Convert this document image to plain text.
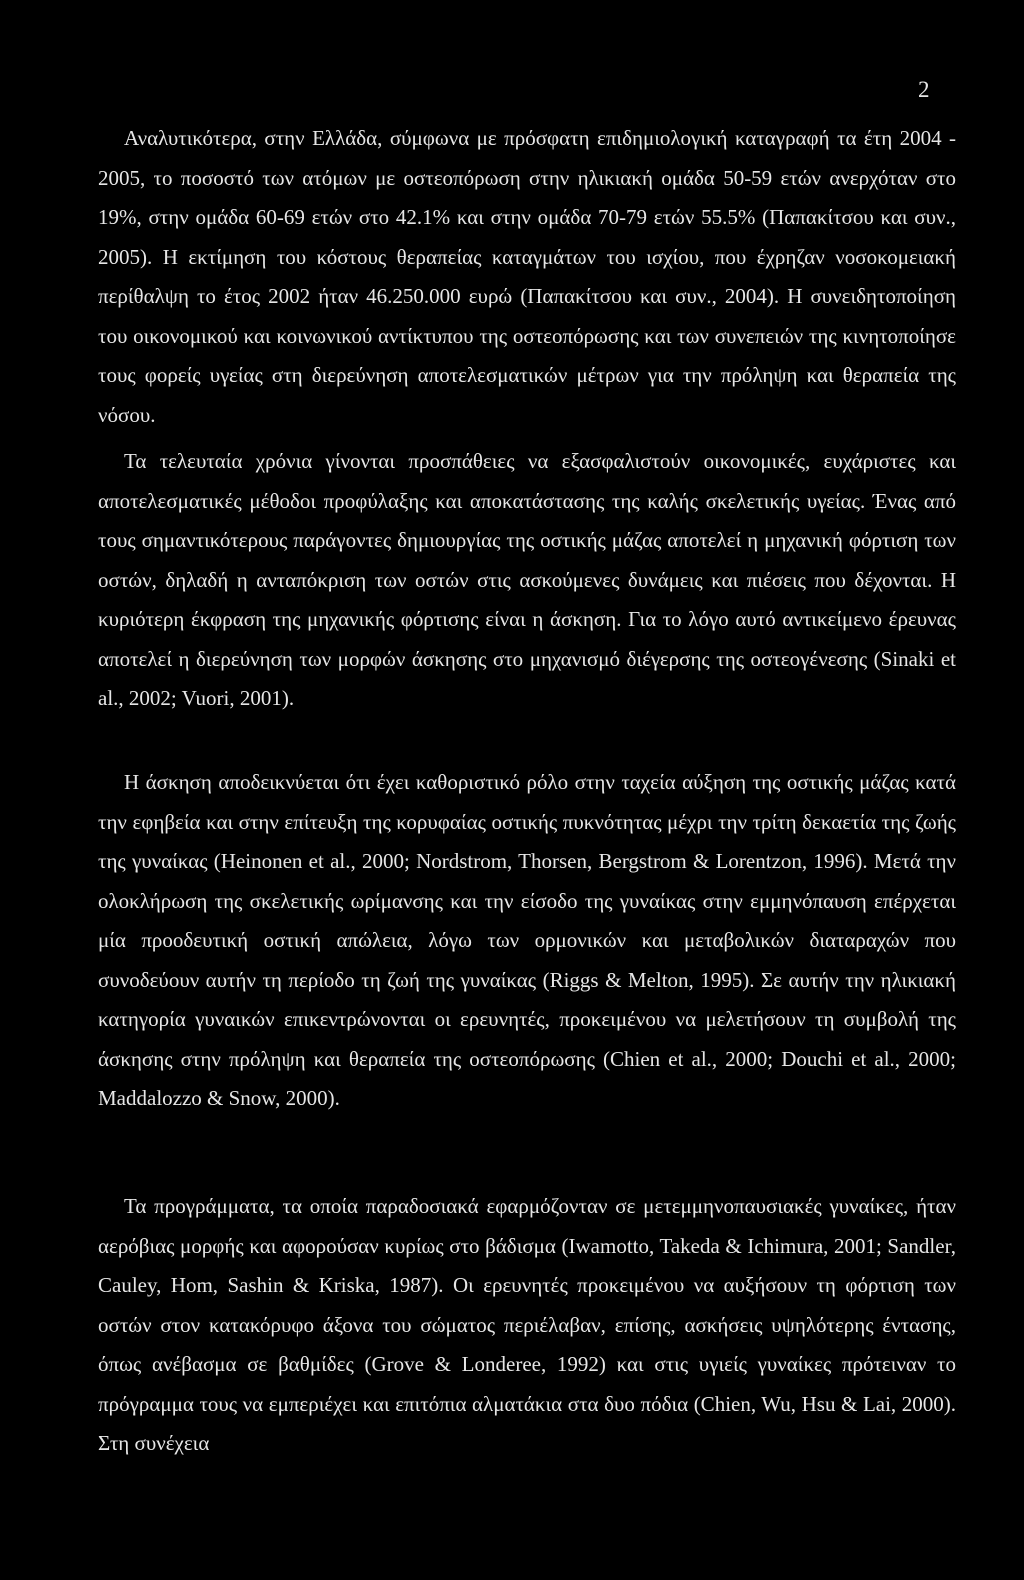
2
Αναλυτικότερα, στην Ελλάδα, σύμφωνα με πρόσφατη επιδημιολογική καταγραφή τα έτη 2004 - 2005, το ποσοστό των ατόμων με οστεοπόρωση στην ηλικιακή ομάδα 50-59 ετών ανερχόταν στο 19%, στην ομάδα 60-69 ετών στο 42.1% και στην ομάδα 70-79 ετών 55.5% (Παπακίτσου και συν., 2005). Η εκτίμηση του κόστους θεραπείας καταγμάτων του ισχίου, που έχρηζαν νοσοκομειακή περίθαλψη το έτος 2002 ήταν 46.250.000 ευρώ (Παπακίτσου και συν., 2004). Η συνειδητοποίηση του οικονομικού και κοινωνικού αντίκτυπου της οστεοπόρωσης και των συνεπειών της κινητοποίησε τους φορείς υγείας στη διερεύνηση αποτελεσματικών μέτρων για την πρόληψη και θεραπεία της νόσου.
Τα τελευταία χρόνια γίνονται προσπάθειες να εξασφαλιστούν οικονομικές, ευχάριστες και αποτελεσματικές μέθοδοι προφύλαξης και αποκατάστασης της καλής σκελετικής υγείας. Ένας από τους σημαντικότερους παράγοντες δημιουργίας της οστικής μάζας αποτελεί η μηχανική φόρτιση των οστών, δηλαδή η ανταπόκριση των οστών στις ασκούμενες δυνάμεις και πιέσεις που δέχονται. Η κυριότερη έκφραση της μηχανικής φόρτισης είναι η άσκηση. Για το λόγο αυτό αντικείμενο έρευνας αποτελεί η διερεύνηση των μορφών άσκησης στο μηχανισμό διέγερσης της οστεογένεσης (Sinaki et al., 2002; Vuori, 2001).
Η άσκηση αποδεικνύεται ότι έχει καθοριστικό ρόλο στην ταχεία αύξηση της οστικής μάζας κατά την εφηβεία και στην επίτευξη της κορυφαίας οστικής πυκνότητας μέχρι την τρίτη δεκαετία της ζωής της γυναίκας (Heinonen et al., 2000; Nordstrom, Thorsen, Bergstrom & Lorentzon, 1996). Μετά την ολοκλήρωση της σκελετικής ωρίμανσης και την είσοδο της γυναίκας στην εμμηνόπαυση επέρχεται μία προοδευτική οστική απώλεια, λόγω των ορμονικών και μεταβολικών διαταραχών που συνοδεύουν αυτήν τη περίοδο τη ζωή της γυναίκας (Riggs & Melton, 1995). Σε αυτήν την ηλικιακή κατηγορία γυναικών επικεντρώνονται οι ερευνητές, προκειμένου να μελετήσουν τη συμβολή της άσκησης στην πρόληψη και θεραπεία της οστεοπόρωσης (Chien et al., 2000; Douchi et al., 2000; Maddalozzo & Snow, 2000).
Τα προγράμματα, τα οποία παραδοσιακά εφαρμόζονταν σε μετεμμηνοπαυσιακές γυναίκες, ήταν αερόβιας μορφής και αφορούσαν κυρίως στο βάδισμα (Iwamotto, Takeda & Ichimura, 2001; Sandler, Cauley, Hom, Sashin & Kriska, 1987). Οι ερευνητές προκειμένου να αυξήσουν τη φόρτιση των οστών στον κατακόρυφο άξονα του σώματος περιέλαβαν, επίσης, ασκήσεις υψηλότερης έντασης, όπως ανέβασμα σε βαθμίδες (Grove & Londeree, 1992) και στις υγιείς γυναίκες πρότειναν το πρόγραμμα τους να εμπεριέχει και επιτόπια αλματάκια στα δυο πόδια (Chien, Wu, Hsu & Lai, 2000). Στη συνέχεια
